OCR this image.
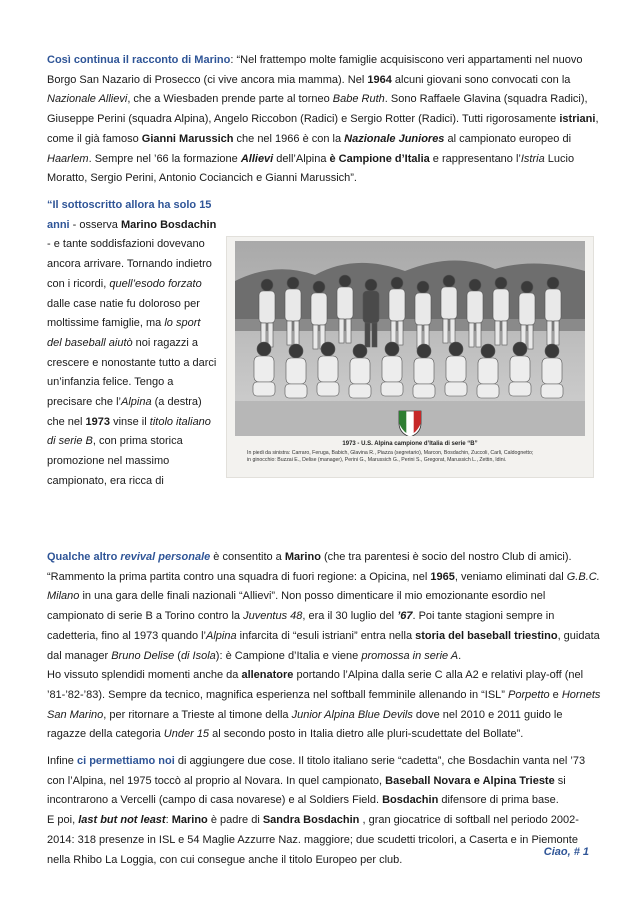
Così continua il racconto di Marino: “Nel frattempo molte famiglie acquisiscono veri appartamenti nel nuovo Borgo San Nazario di Prosecco (ci vive ancora mia mamma). Nel 1964 alcuni giovani sono convocati con la Nazionale Allievi, che a Wiesbaden prende parte al torneo Babe Ruth. Sono Raffaele Glavina (squadra Radici), Giuseppe Perini (squadra Alpina), Angelo Riccobon (Radici) e Sergio Rotter (Radici). Tutti rigorosamente istriani, come il già famoso Gianni Marussich che nel 1966 è con la Nazionale Juniores al campionato europeo di Haarlem. Sempre nel ’66 la formazione Allievi dell’Alpina è Campione d’Italia e rappresentano l’Istria Lucio Moratto, Sergio Perini, Antonio Cociancich e Gianni Marussich”.

“Il sottoscritto allora ha solo 15 anni - osserva Marino Bosdachin - e tante soddisfazioni dovevano ancora arrivare. Tornando indietro con i ricordi, quell’esodo forzato dalle case natie fu doloroso per moltissime famiglie, ma lo sport del baseball aiutò noi ragazzi a crescere e nonostante tutto a darci un’infanzia felice. Tengo a precisare che l’Alpina (a destra) che nel 1973 vinse il titolo italiano di serie B, con prima storica promozione nel massimo campionato, era ricca di

1973 - U.S. Alpina campione d’Italia di serie “B”
In piedi da sinistra: Carraro, Feruga, Babich, Glavina R., Piazza (segretario), Marcon, Bosdachin, Zuccoli, Carli, Caldognetto;
in ginocchio: Buzzai E., Delise (manager), Perini G., Marussich G., Perini S., Gregorat, Marussich L., Zettin, Idini.

Qualche altro revival personale è consentito a Marino (che tra parentesi è socio del nostro Club di amici). “Rammento la prima partita contro una squadra di fuori regione: a Opicina, nel 1965, veniamo eliminati dal G.B.C. Milano in una gara delle finali nazionali “Allievi”. Non posso dimenticare il mio emozionante esordio nel campionato di serie B a Torino contro la Juventus 48, era il 30 luglio del ’67. Poi tante stagioni sempre in cadetteria, fino al 1973 quando l’Alpina infarcita di “esuli istriani” entra nella storia del baseball triestino, guidata dal manager Bruno Delise (di Isola): è Campione d’Italia e viene promossa in serie A.
Ho vissuto splendidi momenti anche da allenatore portando l’Alpina dalla serie C alla A2 e relativi play-off (nel ’81-’82-’83). Sempre da tecnico, magnifica esperienza nel softball femminile allenando in “ISL” Porpetto e Hornets San Marino, per ritornare a Trieste al timone della Junior Alpina Blue Devils dove nel 2010 e 2011 guido le ragazze della categoria Under 15 al secondo posto in Italia dietro alle pluri-scudettate del Bollate”.

Infine ci permettiamo noi di aggiungere due cose. Il titolo italiano serie “cadetta”, che Bosdachin vanta nel ’73 con l’Alpina, nel 1975 toccò al proprio al Novara. In quel campionato, Baseball Novara e Alpina Trieste si incontrarono a Vercelli (campo di casa novarese) e al Soldiers Field. Bosdachin difensore di prima base.
E poi, last but not least: Marino è padre di Sandra Bosdachin , gran giocatrice di softball nel periodo 2002-2014: 318 presenze in ISL e 54 Maglie Azzurre Naz. maggiore; due scudetti tricolori, a Caserta e in Piemonte nella Rhibo La Loggia, con cui consegue anche il titolo Europeo per club.

Ciao, # 1
